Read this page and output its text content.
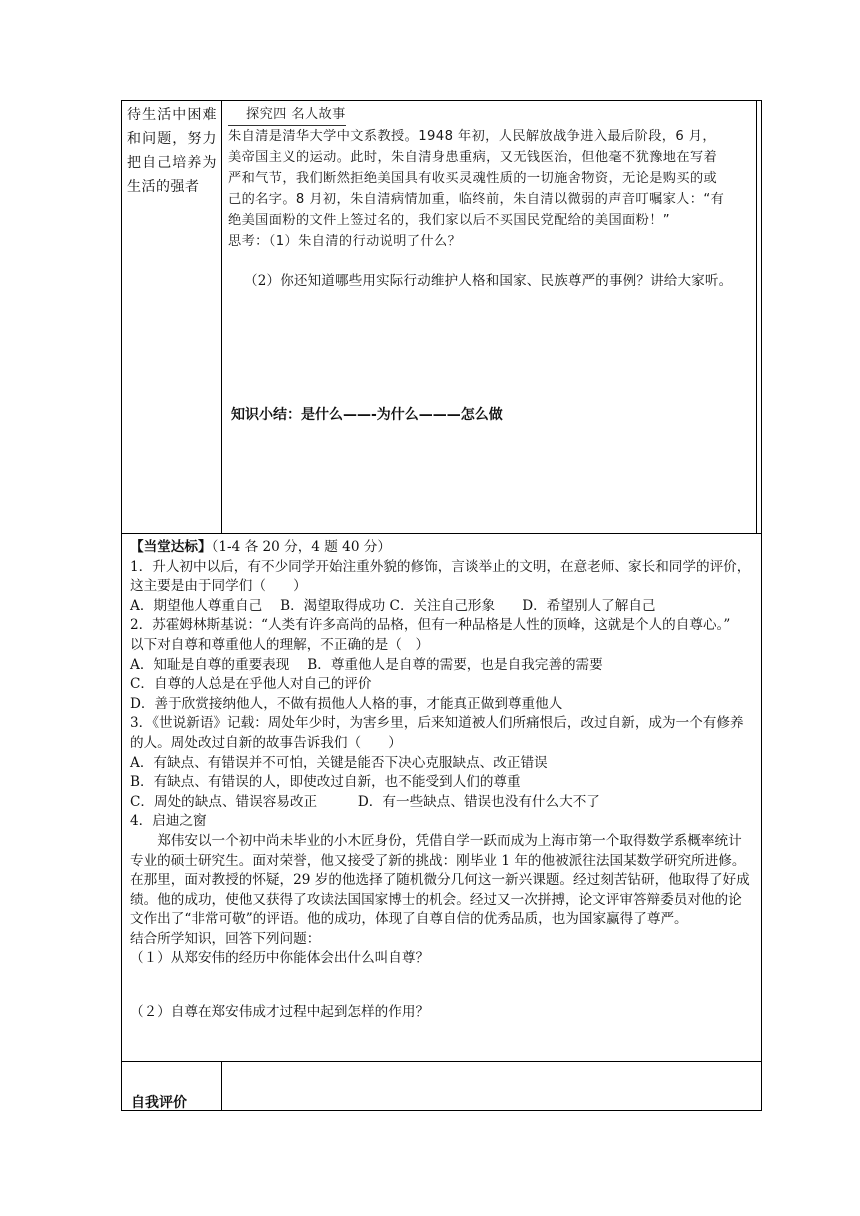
待生活中困难和问题，努力把自己培养为生活的强者
探究四 名人故事
朱自清是清华大学中文系教授。1948 年初，人民解放战争进入最后阶段，6 月，
美帝国主义的运动。此时，朱自清身患重病，又无钱医治，但他毫不犹豫地在写着
严和气节，我们断然拒绝美国具有收买灵魂性质的一切施舍物资，无论是购买的或
己的名字。8 月初，朱自清病情加重，临终前，朱自清以微弱的声音叮嘱家人：“有
绝美国面粉的文件上签过名的，我们家以后不买国民党配给的美国面粉！”
思考：（1）朱自清的行动说明了什么？
（2）你还知道哪些用实际行动维护人格和国家、民族尊严的事例？讲给大家听。
知识小结：是什么——-为什么———怎么做

【当堂达标】（1-4 各 20 分，4 题 40 分）

1．升人初中以后，有不少同学开始注重外貌的修饰，言谈举止的文明，在意老师、家长和同学的评价，

这主要是由于同学们（　　）

A．期望他人尊重自己　 B．渴望取得成功 C．关注自己形象　　D．希望别人了解自己

2．苏霍姆林斯基说：“人类有许多高尚的品格，但有一种品格是人性的顶峰，这就是个人的自尊心。”

以下对自尊和尊重他人的理解，不正确的是（　）

A．知耻是自尊的重要表现　 B．尊重他人是自尊的需要，也是自我完善的需要

C．自尊的人总是在乎他人对自己的评价

D．善于欣赏接纳他人，不做有损他人人格的事，才能真正做到尊重他人

3．《世说新语》记载：周处年少时，为害乡里，后来知道被人们所痛恨后，改过自新，成为一个有修养

的人。周处改过自新的故事告诉我们（　　）

A．有缺点、有错误并不可怕，关键是能否下决心克服缺点、改正错误

B．有缺点、有错误的人，即使改过自新，也不能受到人们的尊重

C．周处的缺点、错误容易改正　　　D．有一些缺点、错误也没有什么大不了

4．启迪之窗

郑伟安以一个初中尚未毕业的小木匠身份，凭借自学一跃而成为上海市第一个取得数学系概率统计

专业的硕士研究生。面对荣誉，他又接受了新的挑战：刚毕业 1 年的他被派往法国某数学研究所进修。

在那里，面对教授的怀疑，29 岁的他选择了随机微分几何这一新兴课题。经过刻苦钻研，他取得了好成

绩。他的成功，使他又获得了攻读法国国家博士的机会。经过又一次拼搏，论文评审答辩委员对他的论

文作出了“非常可敬”的评语。他的成功，体现了自尊自信的优秀品质，也为国家赢得了尊严。

结合所学知识，回答下列问题：

（１）从郑安伟的经历中你能体会出什么叫自尊？

（２）自尊在郑安伟成才过程中起到怎样的作用？

自我评价
